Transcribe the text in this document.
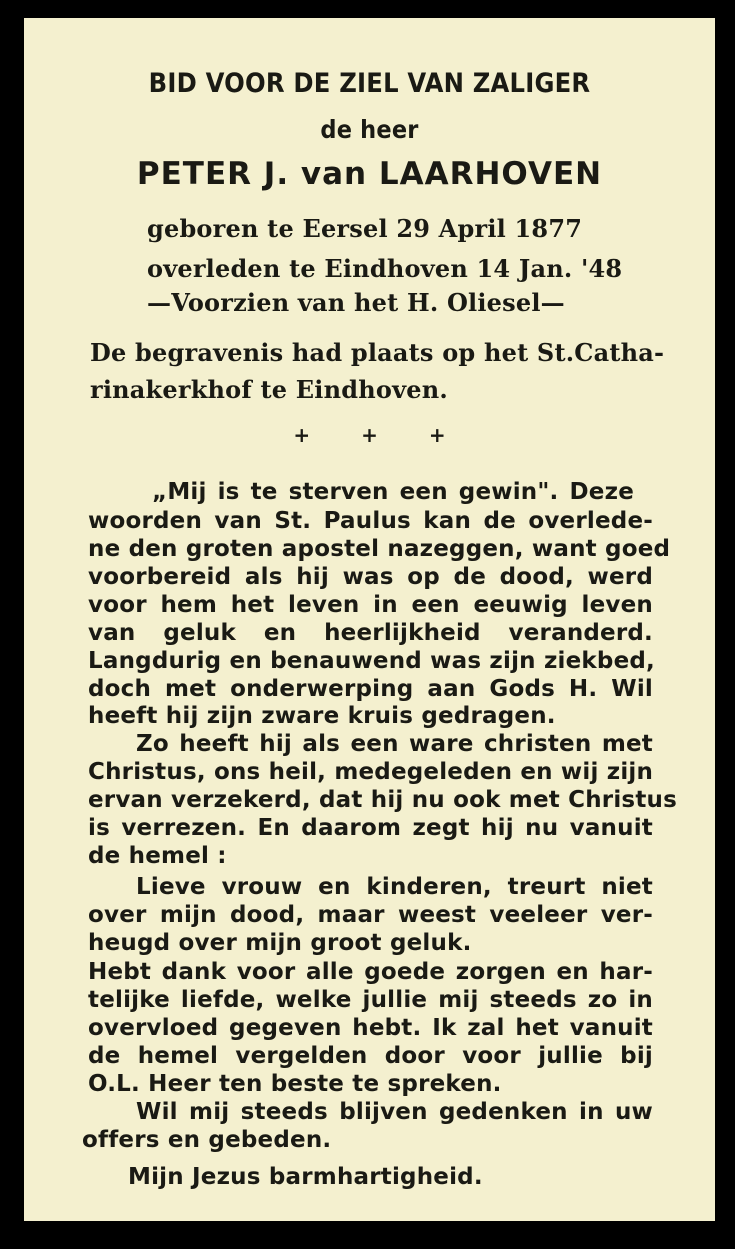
BID VOOR DE ZIEL VAN ZALIGER
de heer
PETER J. van LAARHOVEN
geboren te Eersel 29 April 1877
overleden te Eindhoven 14 Jan. '48
—Voorzien van het H. Oliesel—
De begravenis had plaats op het St.Catha-
rinakerkhof te Eindhoven.
+ + +
„Mij is te sterven een gewin". Deze
woorden van St. Paulus kan de overlede-
ne den groten apostel nazeggen, want goed
voorbereid als hij was op de dood, werd
voor hem het leven in een eeuwig leven
van geluk en heerlijkheid veranderd.
Langdurig en benauwend was zijn ziekbed,
doch met onderwerping aan Gods H. Wil
heeft hij zijn zware kruis gedragen.
Zo heeft hij als een ware christen met
Christus, ons heil, medegeleden en wij zijn
ervan verzekerd, dat hij nu ook met Christus
is verrezen. En daarom zegt hij nu vanuit
de hemel :
Lieve vrouw en kinderen, treurt niet
over mijn dood, maar weest veeleer ver-
heugd over mijn groot geluk.
Hebt dank voor alle goede zorgen en har-
telijke liefde, welke jullie mij steeds zo in
overvloed gegeven hebt. Ik zal het vanuit
de hemel vergelden door voor jullie bij
O.L. Heer ten beste te spreken.
Wil mij steeds blijven gedenken in uw
offers en gebeden.
Mijn Jezus barmhartigheid.
